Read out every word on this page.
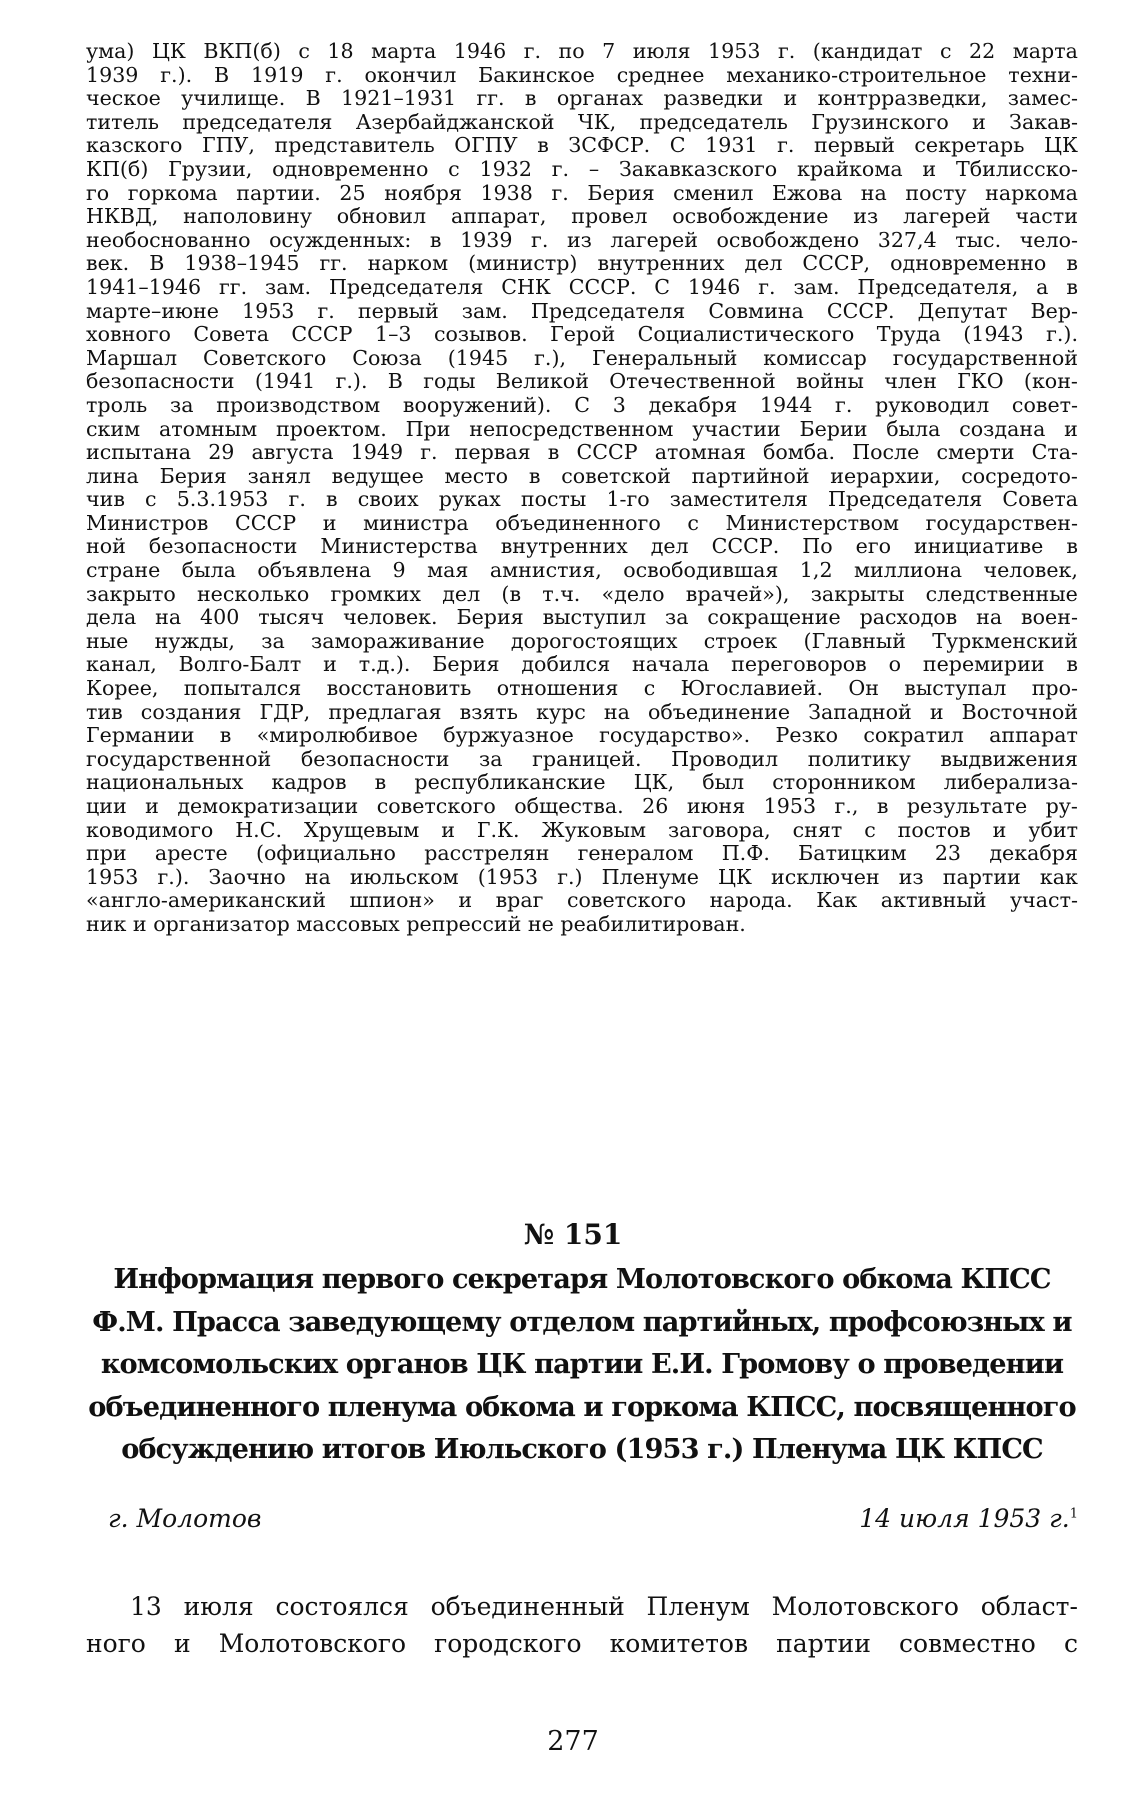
ума) ЦК ВКП(б) с 18 марта 1946 г. по 7 июля 1953 г. (кандидат с 22 марта
1939 г.). В 1919 г. окончил Бакинское среднее механико-строительное техни-
ческое училище. В 1921–1931 гг. в органах разведки и контрразведки, замес-
титель председателя Азербайджанской ЧК, председатель Грузинского и Закав-
казского ГПУ, представитель ОГПУ в ЗСФСР. С 1931 г. первый секретарь ЦК
КП(б) Грузии, одновременно с 1932 г. – Закавказского крайкома и Тбилисско-
го горкома партии. 25 ноября 1938 г. Берия сменил Ежова на посту наркома
НКВД, наполовину обновил аппарат, провел освобождение из лагерей части
необоснованно осужденных: в 1939 г. из лагерей освобождено 327,4 тыс. чело-
век. В 1938–1945 гг. нарком (министр) внутренних дел СССР, одновременно в
1941–1946 гг. зам. Председателя СНК СССР. С 1946 г. зам. Председателя, а в
марте–июне 1953 г. первый зам. Председателя Совмина СССР. Депутат Вер-
ховного Совета СССР 1–3 созывов. Герой Социалистического Труда (1943 г.).
Маршал Советского Союза (1945 г.), Генеральный комиссар государственной
безопасности (1941 г.). В годы Великой Отечественной войны член ГКО (кон-
троль за производством вооружений). С 3 декабря 1944 г. руководил совет-
ским атомным проектом. При непосредственном участии Берии была создана и
испытана 29 августа 1949 г. первая в СССР атомная бомба. После смерти Ста-
лина Берия занял ведущее место в советской партийной иерархии, сосредото-
чив с 5.3.1953 г. в своих руках посты 1-го заместителя Председателя Совета
Министров СССР и министра объединенного с Министерством государствен-
ной безопасности Министерства внутренних дел СССР. По его инициативе в
стране была объявлена 9 мая амнистия, освободившая 1,2 миллиона человек,
закрыто несколько громких дел (в т.ч. «дело врачей»), закрыты следственные
дела на 400 тысяч человек. Берия выступил за сокращение расходов на воен-
ные нужды, за замораживание дорогостоящих строек (Главный Туркменский
канал, Волго-Балт и т.д.). Берия добился начала переговоров о перемирии в
Корее, попытался восстановить отношения с Югославией. Он выступал про-
тив создания ГДР, предлагая взять курс на объединение Западной и Восточной
Германии в «миролюбивое буржуазное государство». Резко сократил аппарат
государственной безопасности за границей. Проводил политику выдвижения
национальных кадров в республиканские ЦК, был сторонником либерализа-
ции и демократизации советского общества. 26 июня 1953 г., в результате ру-
ководимого Н.С. Хрущевым и Г.К. Жуковым заговора, снят с постов и убит
при аресте (официально расстрелян генералом П.Ф. Батицким 23 декабря
1953 г.). Заочно на июльском (1953 г.) Пленуме ЦК исключен из партии как
«англо-американский шпион» и враг советского народа. Как активный участ-
ник и организатор массовых репрессий не реабилитирован.
№ 151
Информация первого секретаря Молотовского обкома КПСС
Ф.М. Прасса заведующему отделом партийных, профсоюзных и
комсомольских органов ЦК партии Е.И. Громову о проведении
объединенного пленума обкома и горкома КПСС, посвященного
обсуждению итогов Июльского (1953 г.) Пленума ЦК КПСС
г. Молотов	14 июля 1953 г.$^1$
13 июля состоялся объединенный Пленум Молотовского област-
ного и Молотовского городского комитетов партии совместно с
277
